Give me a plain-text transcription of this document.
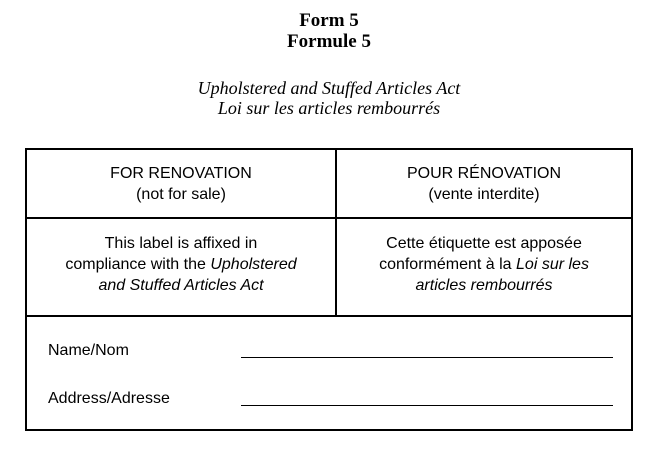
Form 5
Formule 5
Upholstered and Stuffed Articles Act
Loi sur les articles rembourrés
FOR RENOVATION
(not for sale)
POUR RÉNOVATION
(vente interdite)
This label is affixed in
compliance with the Upholstered
and Stuffed Articles Act
Cette étiquette est apposée
conformément à la Loi sur les
articles rembourrés
Name/Nom
Address/Adresse
